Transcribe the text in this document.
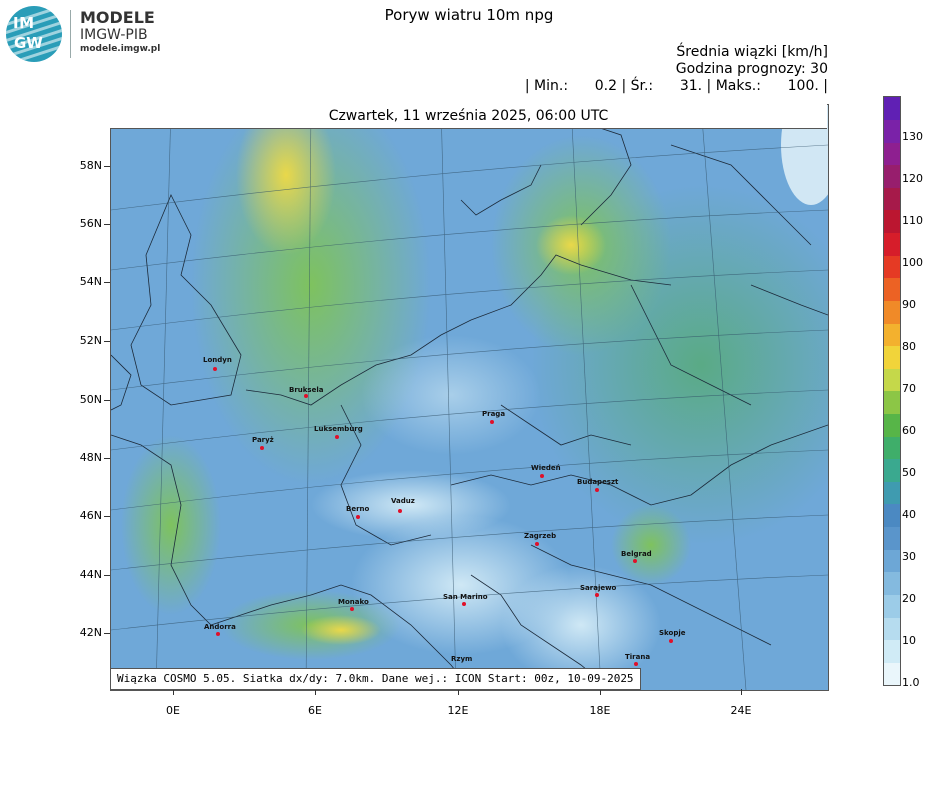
IM
GW
MODELE
IMGW-PIB
modele.imgw.pl
Poryw wiatru 10m npg
Średnia wiązki [km/h]
Godzina prognozy: 30
| Min.:      0.2 | Śr.:      31. | Maks.:      100. |
Londyn
Bruksela
Luksemburg
Paryż
Berno
Vaduz
Praga
Wiedeń
Budapeszt
Zagrzeb
Belgrad
Sarajewo
Monako
San Marino
Andorra
Rzym
Skopje
Tirana
Czwartek, 11 września 2025, 06:00 UTC
Wiązka COSMO 5.05. Siatka dx/dy: 7.0km. Dane wej.: ICON Start: 00z, 10-09-2025
58N
56N
54N
52N
50N
48N
46N
44N
42N
0E	6E	12E	18E	24E
130
120
110
100
90
80
70
60
50
40
30
20
10
1.0
